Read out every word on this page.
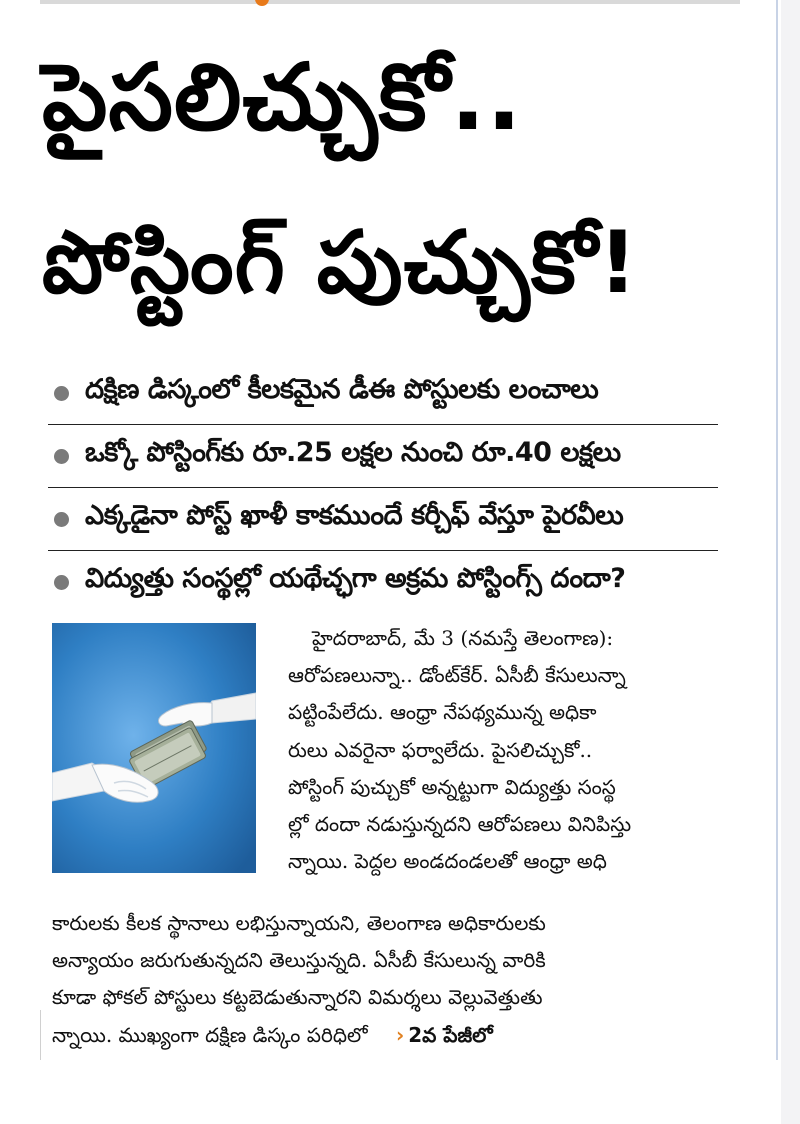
పైసలిచ్చుకో..
పోస్టింగ్ పుచ్చుకో!
దక్షిణ డిస్కంలో కీలకమైన డీఈ పోస్టులకు లంచాలు
ఒక్కో పోస్టింగ్‌కు రూ.25 లక్షల నుంచి రూ.40 లక్షలు
ఎక్కడైనా పోస్ట్ ఖాళీ కాకముందే కర్చీఫ్ వేస్తూ పైరవీలు
విద్యుత్తు సంస్థల్లో యథేచ్ఛగా అక్రమ పోస్టింగ్స్ దందా?
హైదరాబాద్, మే 3 (నమస్తే తెలంగాణ):
ఆరోపణలున్నా.. డోంట్‌కేర్. ఏసీబీ కేసులున్నా
పట్టింపేలేదు. ఆంధ్రా నేపథ్యమున్న అధికా
రులు ఎవరైనా ఫర్వాలేదు. పైసలిచ్చుకో..
పోస్టింగ్ పుచ్చుకో అన్నట్టుగా విద్యుత్తు సంస్థ
ల్లో దందా నడుస్తున్నదని ఆరోపణలు వినిపిస్తు
న్నాయి. పెద్దల అండదండలతో ఆంధ్రా అధి
కారులకు కీలక స్థానాలు లభిస్తున్నాయని, తెలంగాణ అధికారులకు
అన్యాయం జరుగుతున్నదని తెలుస్తున్నది. ఏసీబీ కేసులున్న వారికి
కూడా ఫోకల్ పోస్టులు కట్టబెడుతున్నారని విమర్శలు వెల్లువెత్తుతు
న్నాయి. ముఖ్యంగా దక్షిణ డిస్కం పరిధిలో › 2వ పేజీలో
